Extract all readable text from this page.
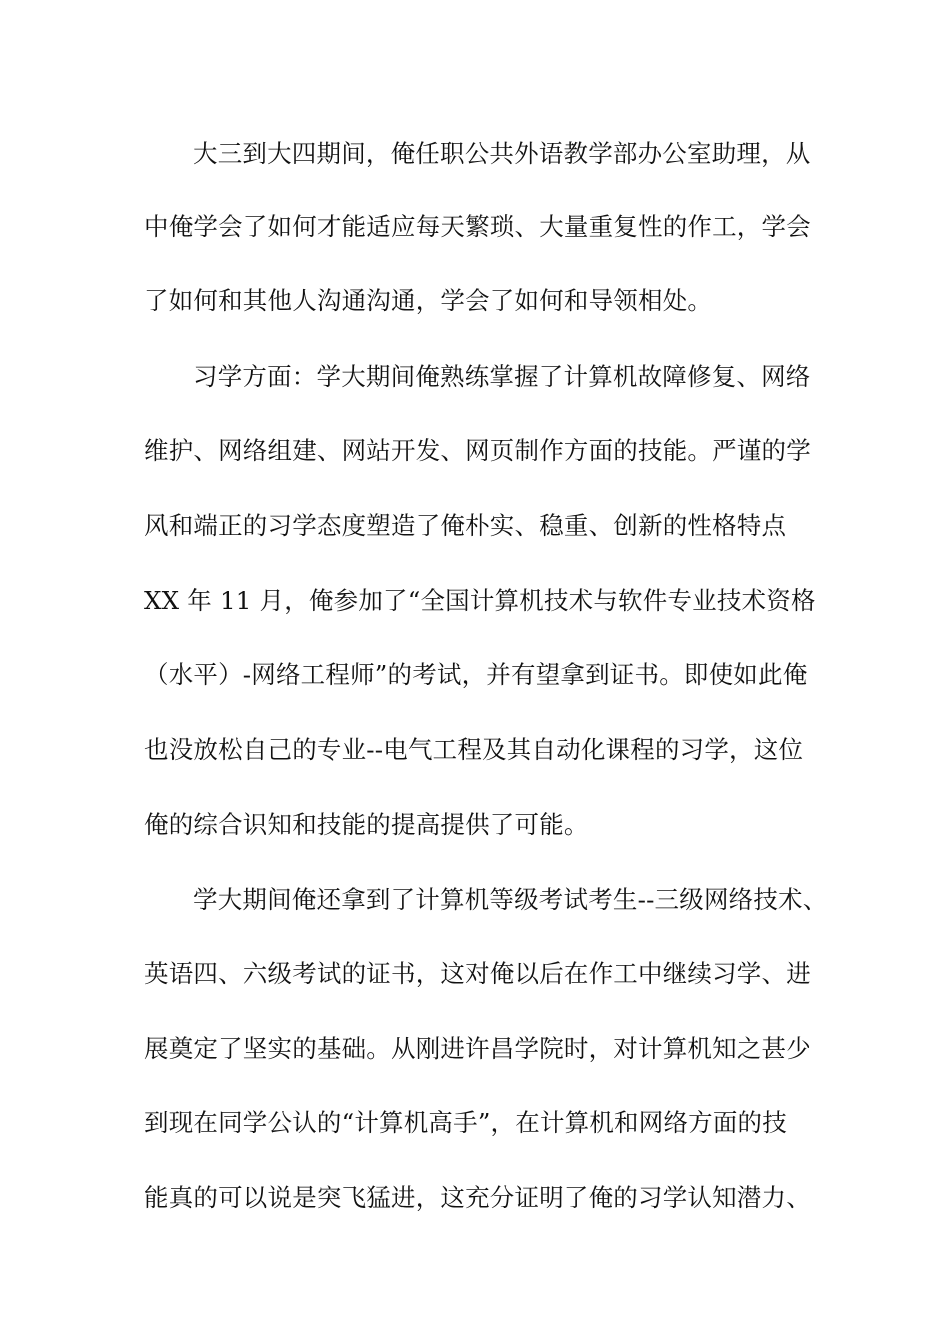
大三到大四期间，俺任职公共外语教学部办公室助理，从
中俺学会了如何才能适应每天繁琐、大量重复性的作工，学会
了如何和其他人沟通沟通，学会了如何和导领相处。
习学方面：学大期间俺熟练掌握了计算机故障修复、网络
维护、网络组建、网站开发、网页制作方面的技能。严谨的学
风和端正的习学态度塑造了俺朴实、稳重、创新的性格特点
XX 年 11 月，俺参加了“全国计算机技术与软件专业技术资格
（水平）-网络工程师”的考试，并有望拿到证书。即使如此俺
也没放松自己的专业--电气工程及其自动化课程的习学，这位
俺的综合识知和技能的提高提供了可能。
学大期间俺还拿到了计算机等级考试考生--三级网络技术、
英语四、六级考试的证书，这对俺以后在作工中继续习学、进
展奠定了坚实的基础。从刚进许昌学院时，对计算机知之甚少
到现在同学公认的“计算机高手”，在计算机和网络方面的技
能真的可以说是突飞猛进，这充分证明了俺的习学认知潜力、
